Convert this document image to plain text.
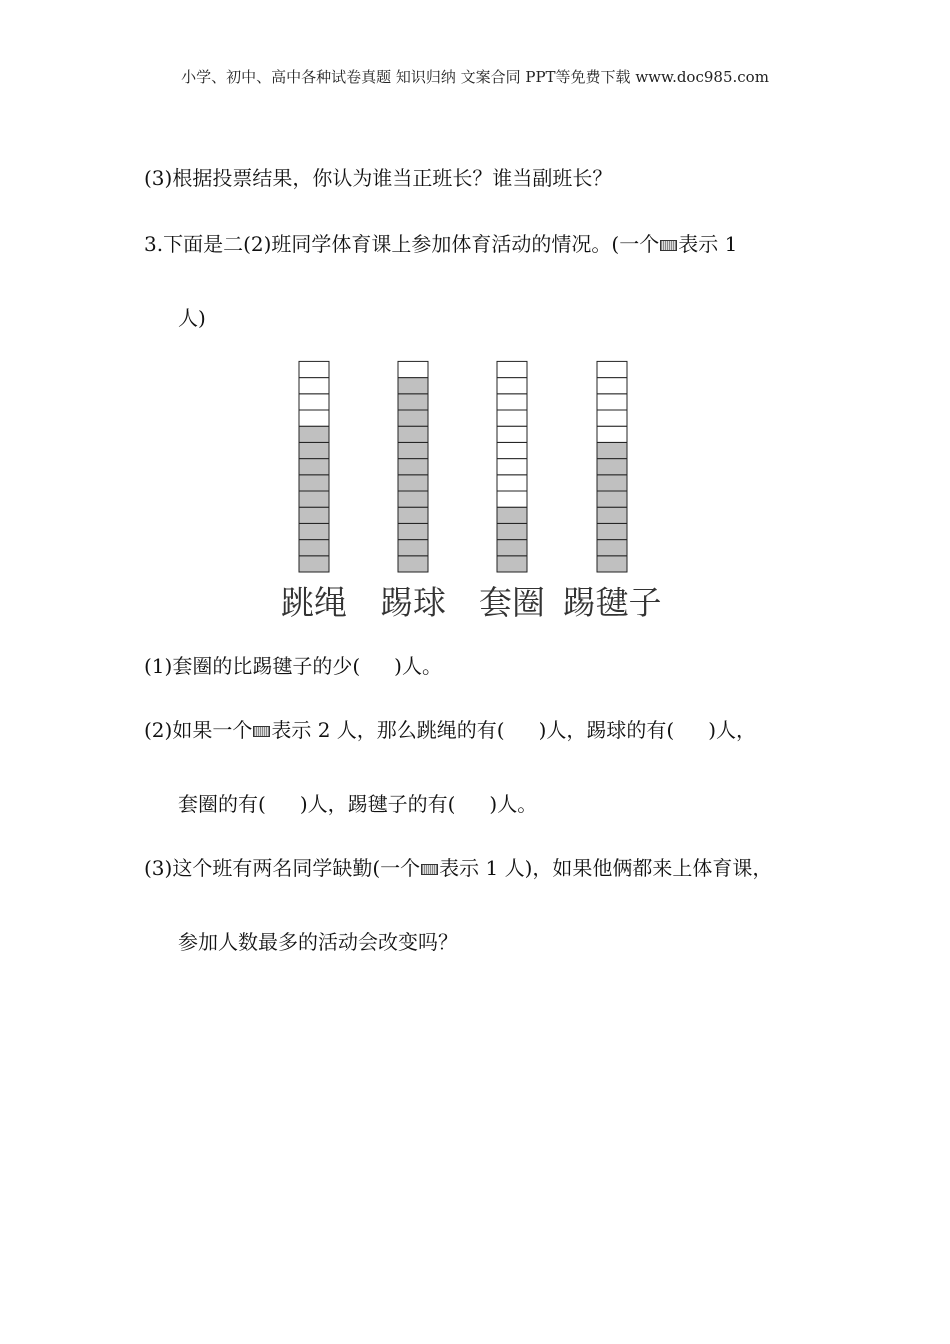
小学、初中、高中各种试卷真题 知识归纳 文案合同 PPT等免费下载 www.doc985.com
(3)根据投票结果，你认为谁当正班长？谁当副班长？
3.下面是二(2)班同学体育课上参加体育活动的情况。(一个 表示 1
人)
跳绳 踢球 套圈 踢毽子
(1)套圈的比踢毽子的少( )人。
(2)如果一个 表示 2 人，那么跳绳的有( )人，踢球的有( )人，
套圈的有( )人，踢毽子的有( )人。
(3)这个班有两名同学缺勤(一个 表示 1 人)，如果他俩都来上体育课，
参加人数最多的活动会改变吗？
